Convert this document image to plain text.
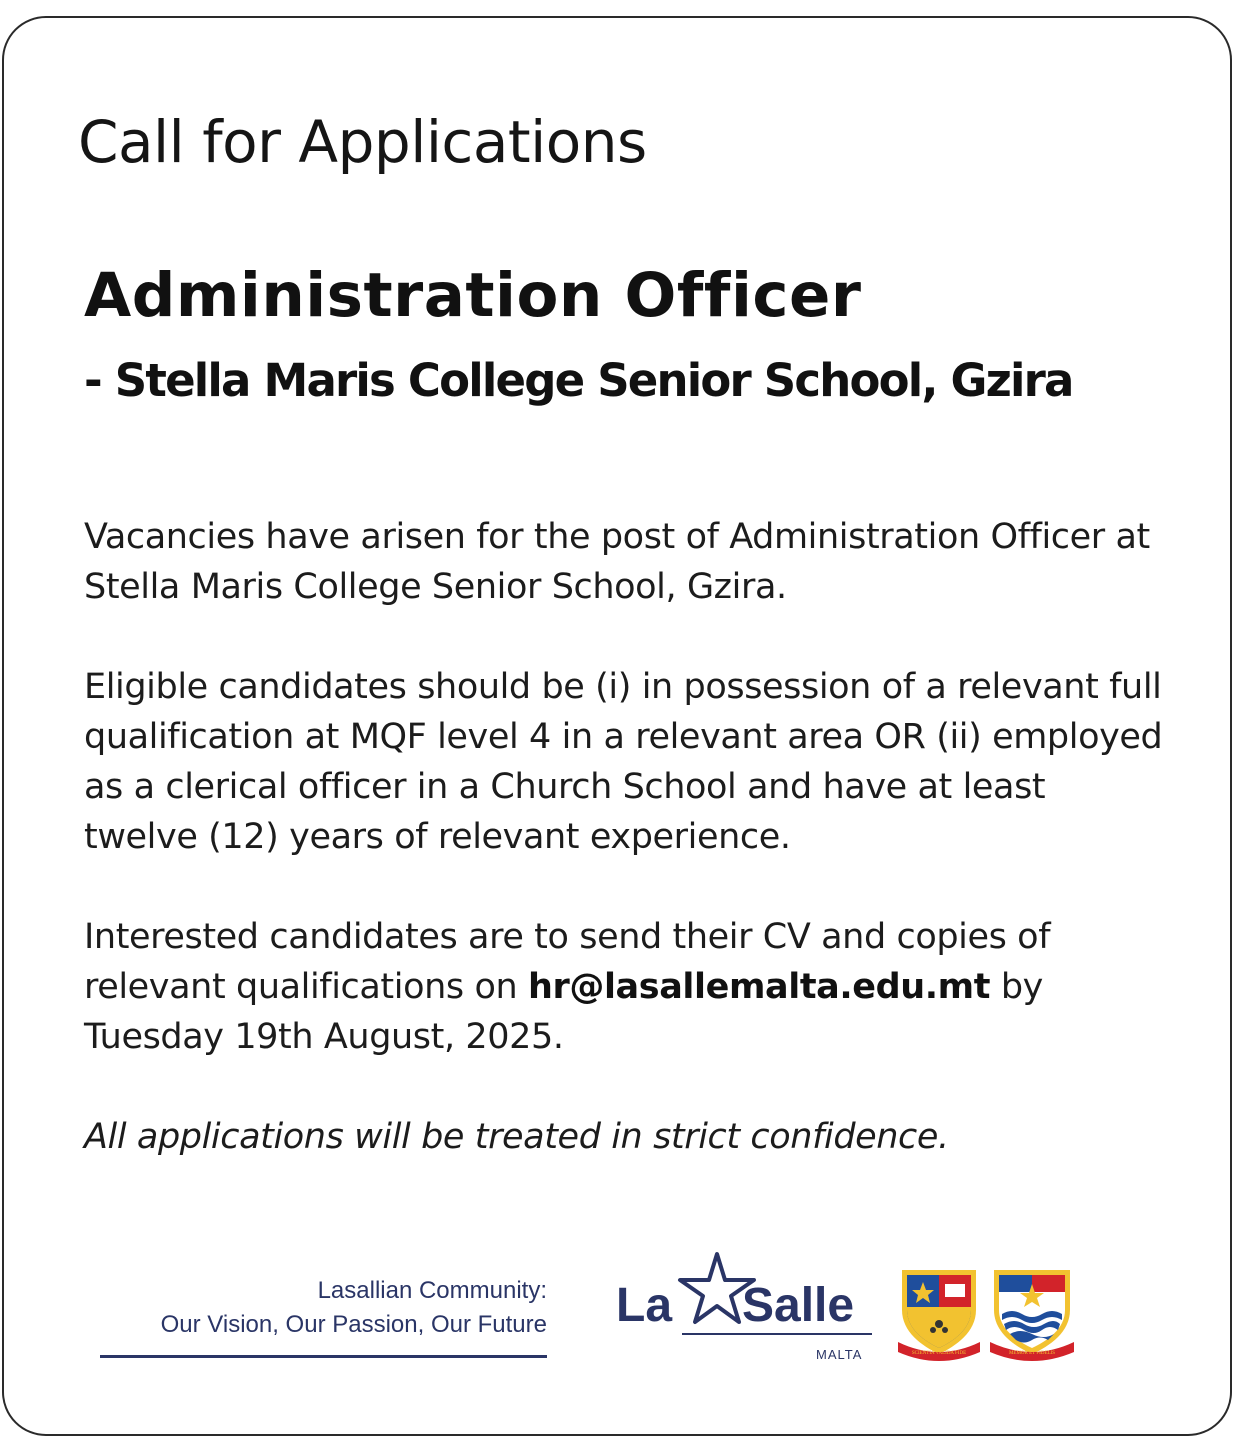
Call for Applications
Administration Officer
- Stella Maris College Senior School, Gzira

Vacancies have arisen for the post of Administration Officer at Stella Maris College Senior School, Gzira.

Eligible candidates should be (i) in possession of a relevant full qualification at MQF level 4 in a relevant area OR (ii) employed as a clerical officer in a Church School and have at least twelve (12) years of relevant experience.

Interested candidates are to send their CV and copies of relevant qualifications on hr@lasallemalta.edu.mt by Tuesday 19th August, 2025.

All applications will be treated in strict confidence.

Lasallian Community:
Our Vision, Our Passion, Our Future La Salle
MALTA	SCIENTIA VALIDA FIDE	MEMOR ET FIDELIS
